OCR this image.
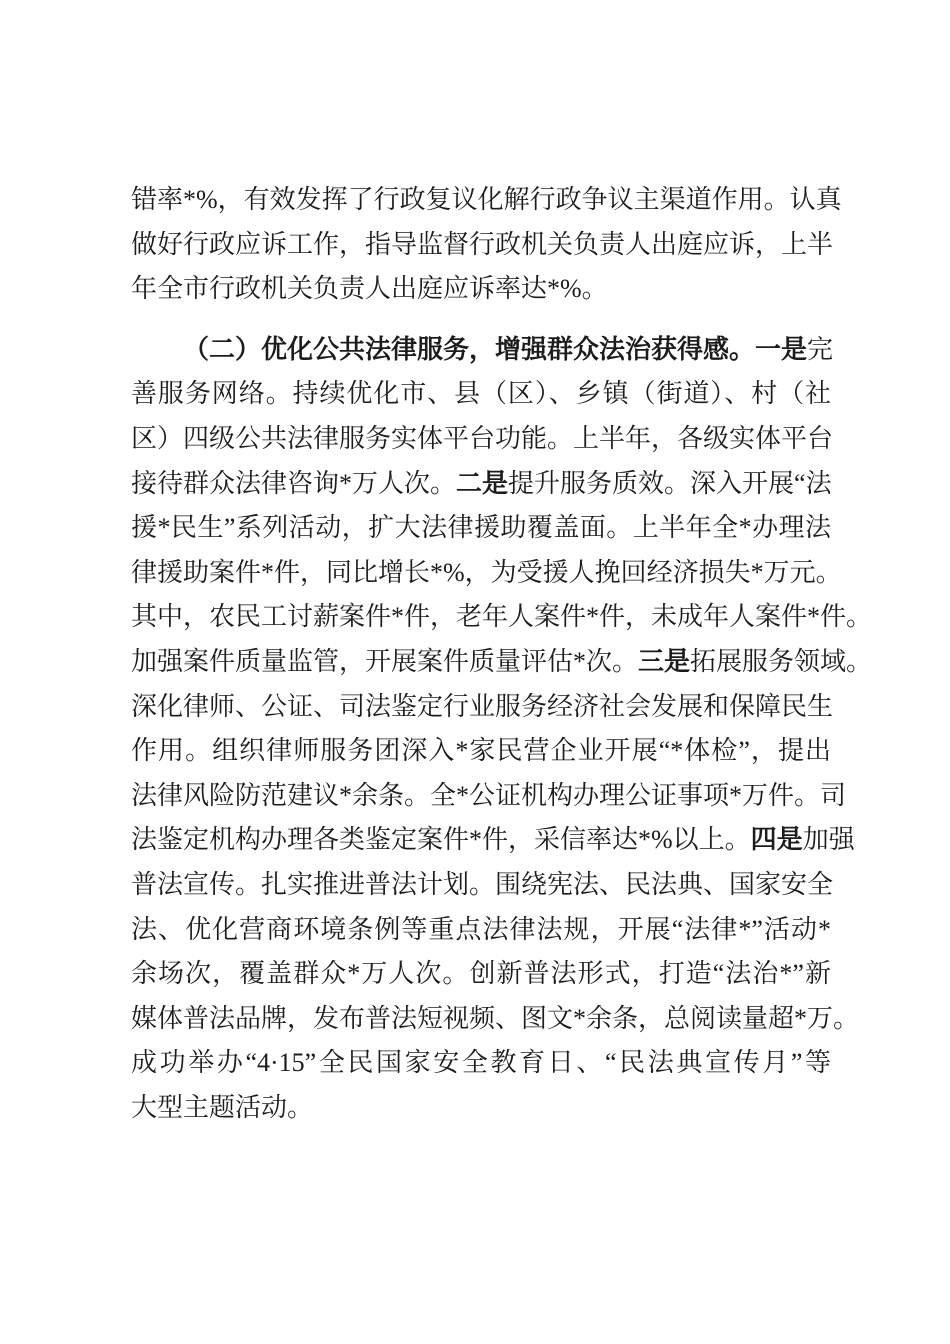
错率*%，有效发挥了行政复议化解行政争议主渠道作用。认真
做好行政应诉工作，指导监督行政机关负责人出庭应诉，上半
年全市行政机关负责人出庭应诉率达*%。
（二）优化公共法律服务，增强群众法治获得感。一是完
善服务网络。持续优化市、县（区）、乡镇（街道）、村（社
区）四级公共法律服务实体平台功能。上半年，各级实体平台
接待群众法律咨询*万人次。二是提升服务质效。深入开展“法
援*民生”系列活动，扩大法律援助覆盖面。上半年全*办理法
律援助案件*件，同比增长*%，为受援人挽回经济损失*万元。
其中，农民工讨薪案件*件，老年人案件*件，未成年人案件*件。
加强案件质量监管，开展案件质量评估*次。三是拓展服务领域。
深化律师、公证、司法鉴定行业服务经济社会发展和保障民生
作用。组织律师服务团深入*家民营企业开展“*体检”，提出
法律风险防范建议*余条。全*公证机构办理公证事项*万件。司
法鉴定机构办理各类鉴定案件*件，采信率达*%以上。四是加强
普法宣传。扎实推进普法计划。围绕宪法、民法典、国家安全
法、优化营商环境条例等重点法律法规，开展“法律*”活动*
余场次，覆盖群众*万人次。创新普法形式，打造“法治*”新
媒体普法品牌，发布普法短视频、图文*余条，总阅读量超*万。
成功举办“4·15”全民国家安全教育日、“民法典宣传月”等
大型主题活动。
